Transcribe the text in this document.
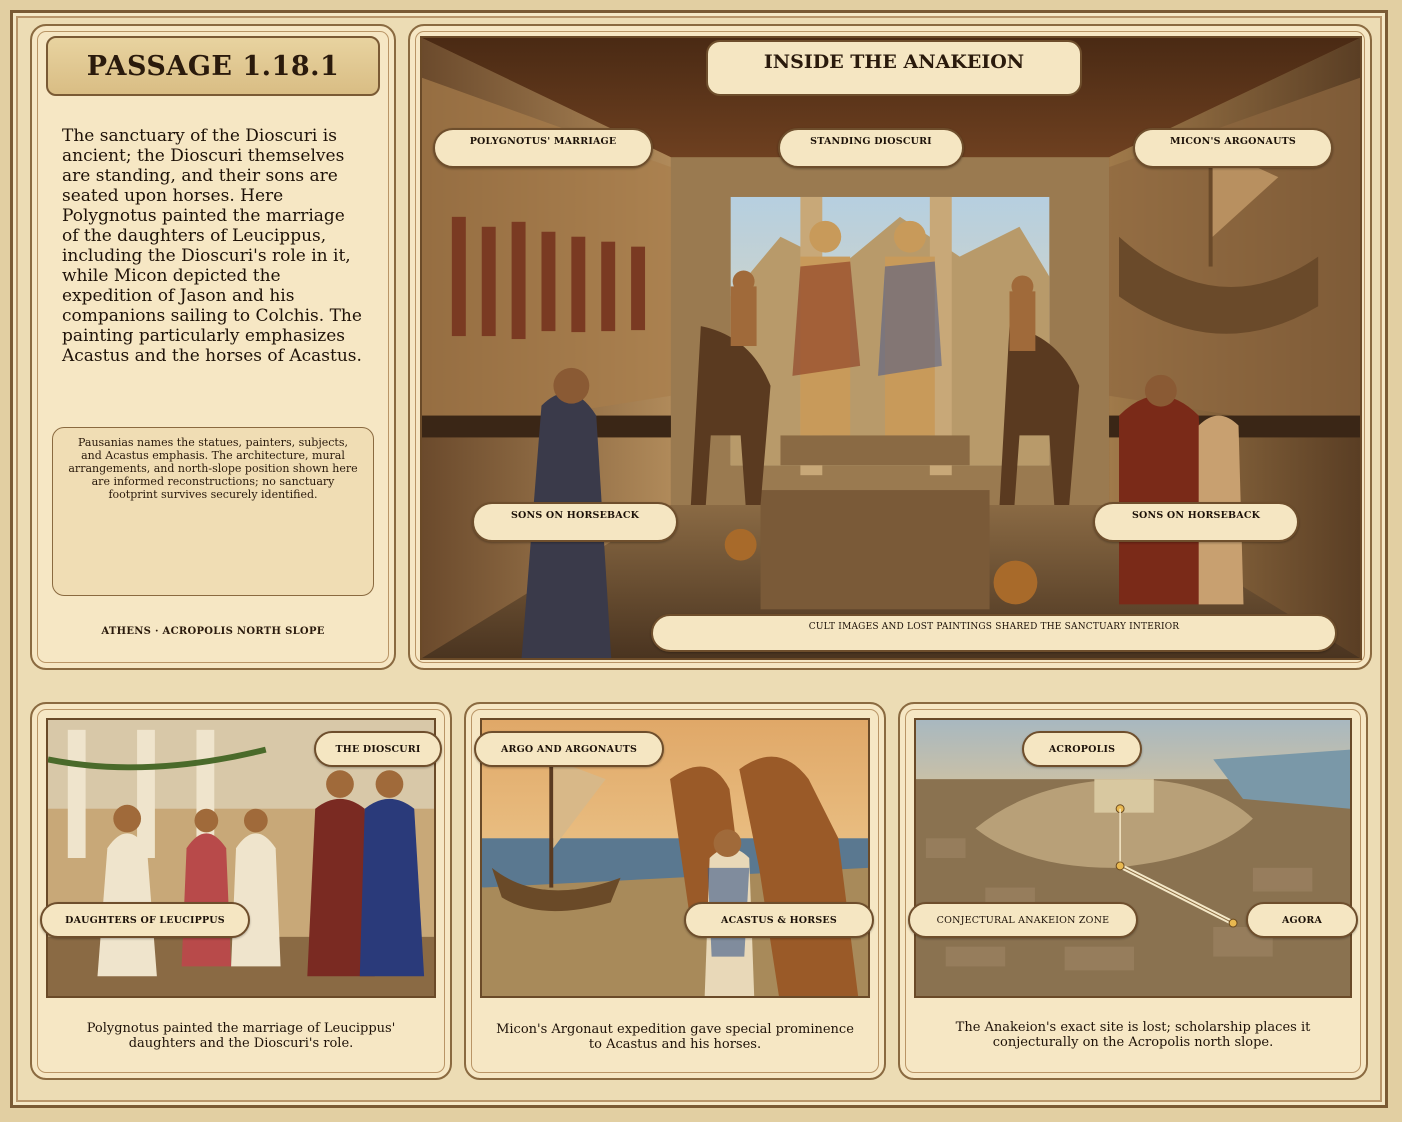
PASSAGE 1.18.1
The sanctuary of the Dioscuri is ancient; the Dioscuri themselves are standing, and their sons are seated upon horses. Here Polygnotus painted the marriage of the daughters of Leucippus, including the Dioscuri's role in it, while Micon depicted the expedition of Jason and his companions sailing to Colchis. The painting particularly emphasizes Acastus and the horses of Acastus.
Pausanias names the statues, painters, subjects, and Acastus emphasis. The architecture, mural arrangements, and north-slope position shown here are informed reconstructions; no sanctuary footprint survives securely identified.
ATHENS · ACROPOLIS NORTH SLOPE
INSIDE THE ANAKEION
POLYGNOTUS' MARRIAGE	STANDING DIOSCURI	MICON'S ARGONAUTS
SONS ON HORSEBACK	SONS ON HORSEBACK
CULT IMAGES AND LOST PAINTINGS SHARED THE SANCTUARY INTERIOR
THE DIOSCURI
DAUGHTERS OF LEUCIPPUS
Polygnotus painted the marriage of Leucippus' daughters and the Dioscuri's role.
ARGO AND ARGONAUTS
ACASTUS & HORSES
Micon's Argonaut expedition gave special prominence to Acastus and his horses.
ACROPOLIS
CONJECTURAL ANAKEION ZONE	AGORA
The Anakeion's exact site is lost; scholarship places it conjecturally on the Acropolis north slope.
